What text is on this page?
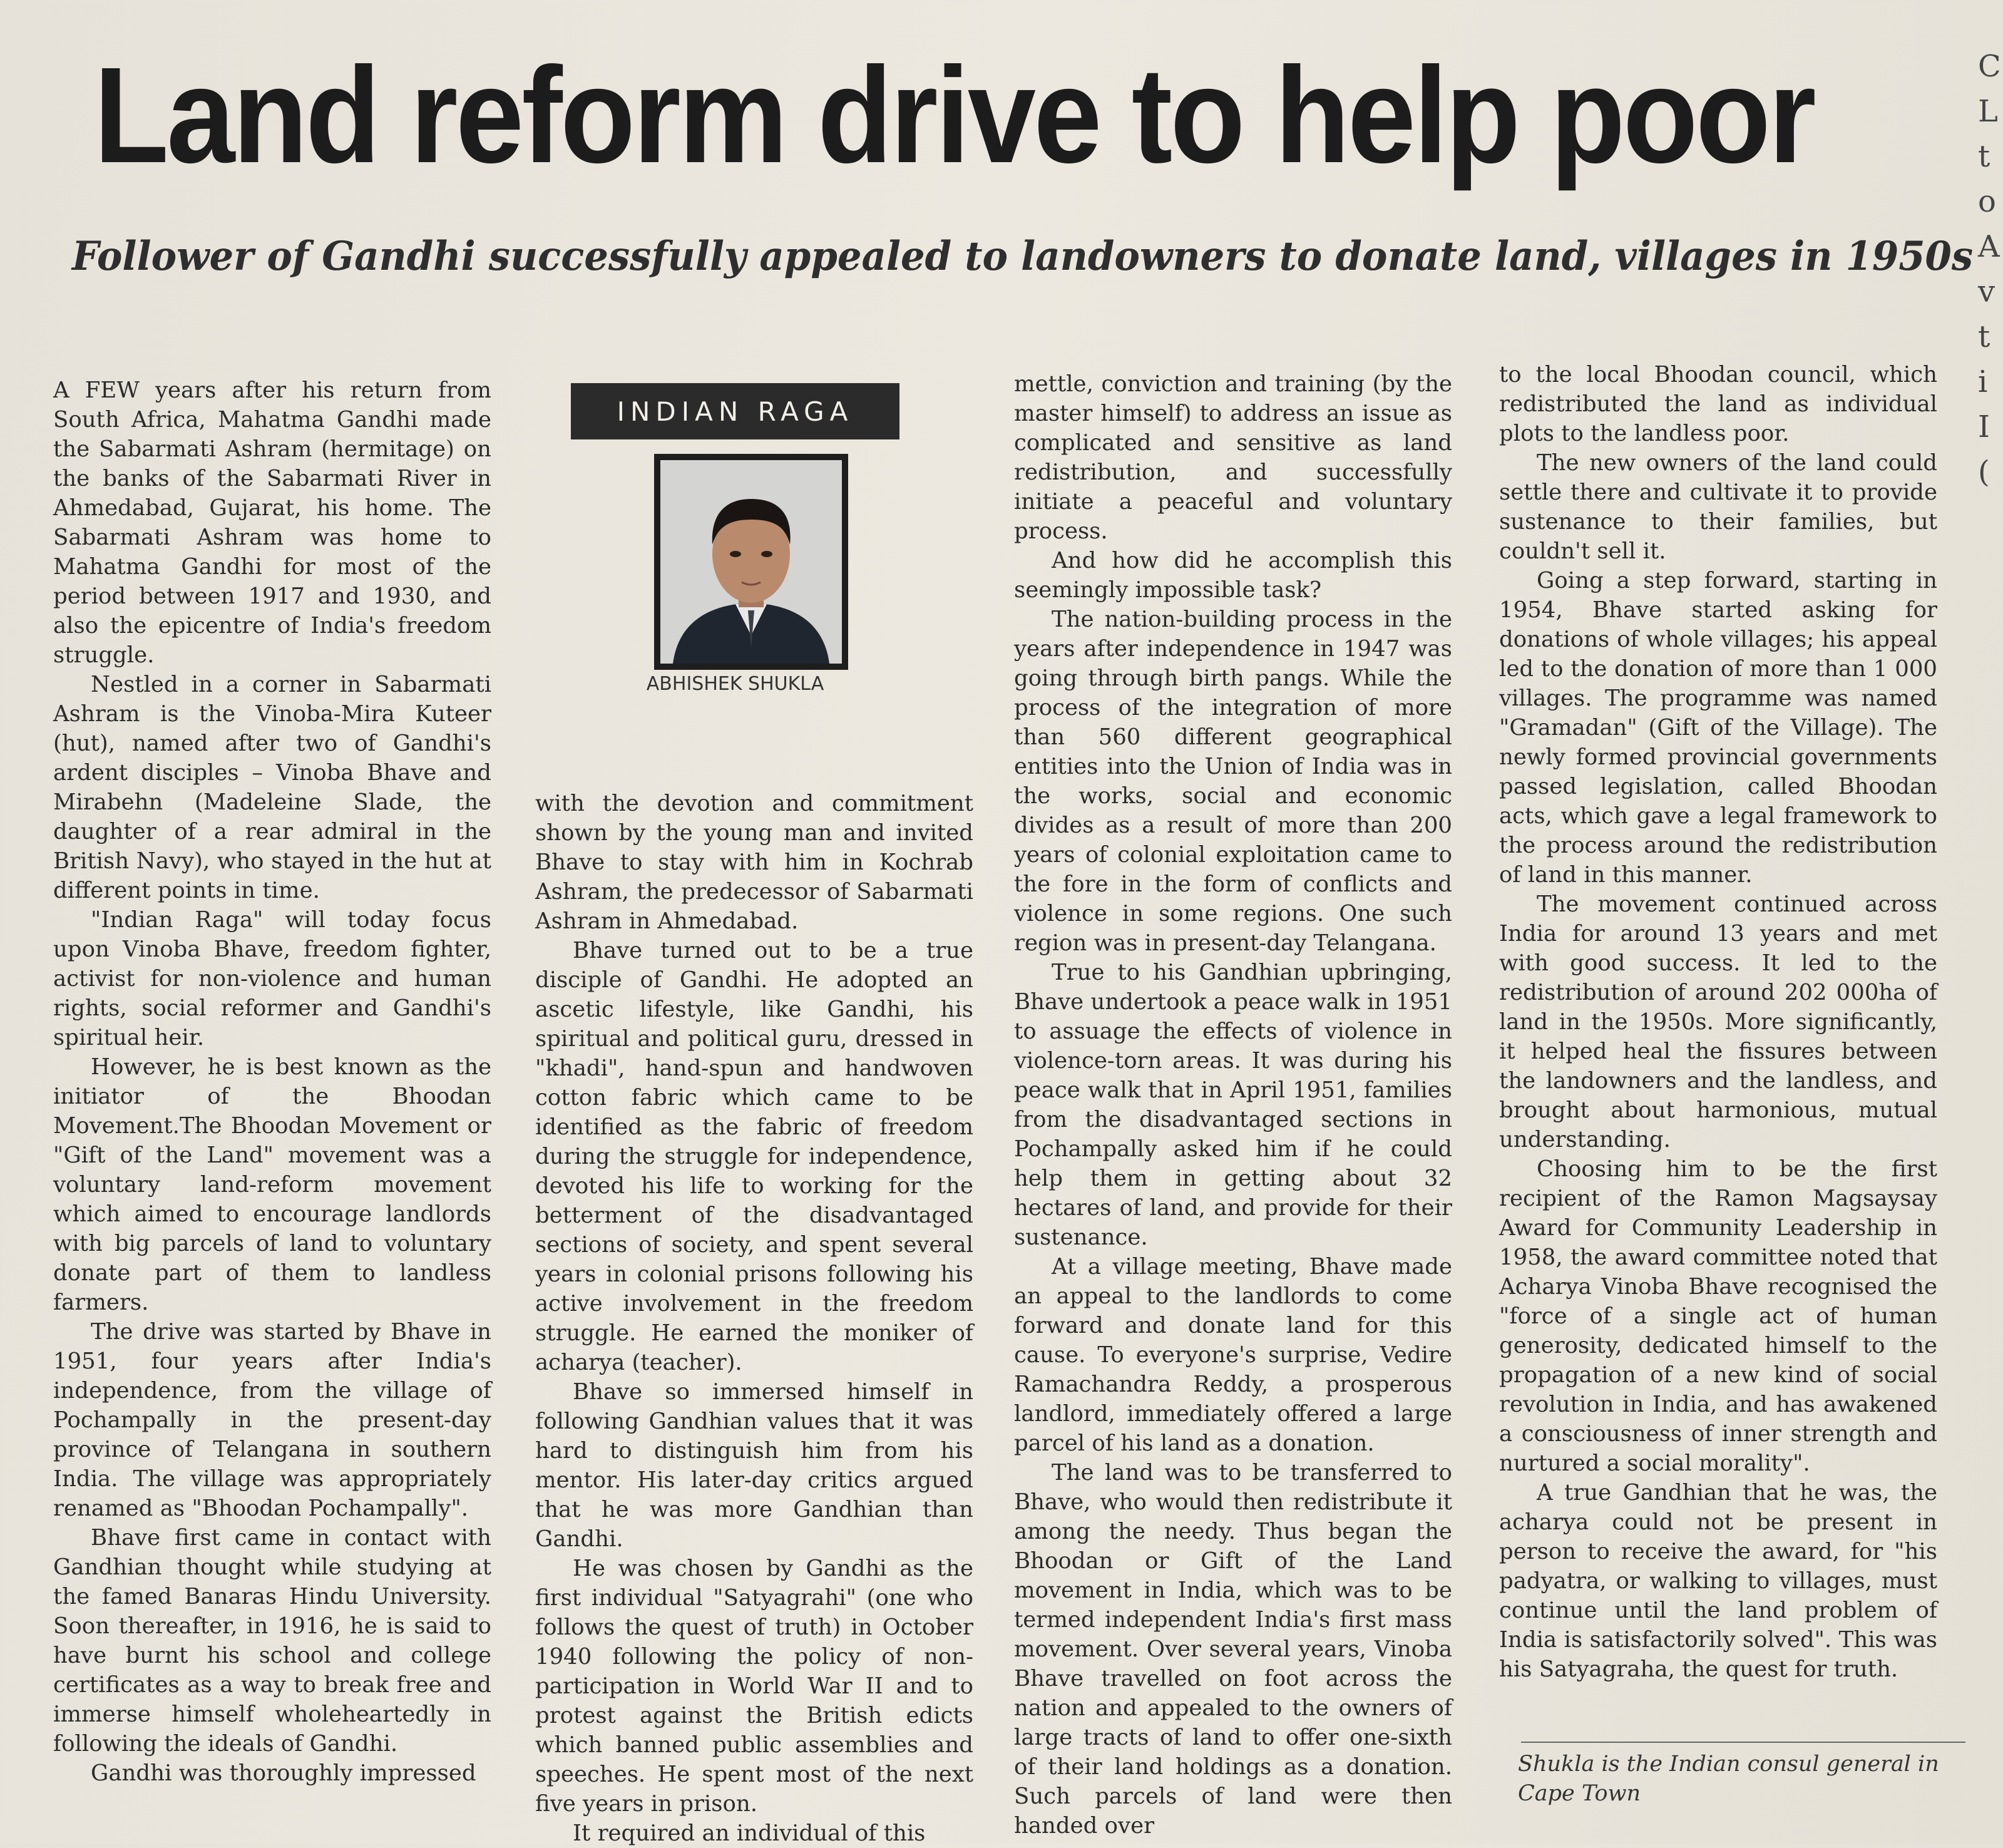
Land reform drive to help poor
Follower of Gandhi successfully appealed to landowners to donate land, villages in 1950s
C
L
t
o
A
v
t
i
I
(

A FEW years after his return from South Africa, Mahatma Gandhi made the Sabarmati Ashram (hermitage) on the banks of the Sabarmati River in Ahmedabad, Gujarat, his home. The Sabarmati Ashram was home to Mahatma Gandhi for most of the period between 1917 and 1930, and also the epicentre of India's freedom struggle.

Nestled in a corner in Sabarmati Ashram is the Vinoba-Mira Kuteer (hut), named after two of Gandhi's ardent disciples – Vinoba Bhave and Mirabehn (Madeleine Slade, the daughter of a rear admiral in the British Navy), who stayed in the hut at different points in time.

"Indian Raga" will today focus upon Vinoba Bhave, freedom fighter, activist for non-violence and human rights, social reformer and Gandhi's spiritual heir.

However, he is best known as the initiator of the Bhoodan Movement.The Bhoodan Movement or "Gift of the Land" movement was a voluntary land-reform movement which aimed to encourage landlords with big parcels of land to voluntary donate part of them to landless farmers.

The drive was started by Bhave in 1951, four years after India's independence, from the village of Pochampally in the present-day province of Telangana in southern India. The village was appropriately renamed as "Bhoodan Pochampally".

Bhave first came in contact with Gandhian thought while studying at the famed Banaras Hindu University. Soon thereafter, in 1916, he is said to have burnt his school and college certificates as a way to break free and immerse himself wholeheartedly in following the ideals of Gandhi.

Gandhi was thoroughly impressed

INDIAN RAGA
ABHISHEK SHUKLA

with the devotion and commitment shown by the young man and invited Bhave to stay with him in Kochrab Ashram, the predecessor of Sabarmati Ashram in Ahmedabad.

Bhave turned out to be a true disciple of Gandhi. He adopted an ascetic lifestyle, like Gandhi, his spiritual and political guru, dressed in "khadi", hand-spun and handwoven cotton fabric which came to be identified as the fabric of freedom during the struggle for independence, devoted his life to working for the betterment of the disadvantaged sections of society, and spent several years in colonial prisons following his active involvement in the freedom struggle. He earned the moniker of acharya (teacher).

Bhave so immersed himself in following Gandhian values that it was hard to distinguish him from his mentor. His later-day critics argued that he was more Gandhian than Gandhi.

He was chosen by Gandhi as the first individual "Satyagrahi" (one who follows the quest of truth) in October 1940 following the policy of non-participation in World War II and to protest against the British edicts which banned public assemblies and speeches. He spent most of the next five years in prison.

It required an individual of this

mettle, conviction and training (by the master himself) to address an issue as complicated and sensitive as land redistribution, and successfully initiate a peaceful and voluntary process.

And how did he accomplish this seemingly impossible task?

The nation-building process in the years after independence in 1947 was going through birth pangs. While the process of the integration of more than 560 different geographical entities into the Union of India was in the works, social and economic divides as a result of more than 200 years of colonial exploitation came to the fore in the form of conflicts and violence in some regions. One such region was in present-day Telangana.

True to his Gandhian upbringing, Bhave undertook a peace walk in 1951 to assuage the effects of violence in violence-torn areas. It was during his peace walk that in April 1951, families from the disadvantaged sections in Pochampally asked him if he could help them in getting about 32 hectares of land, and provide for their sustenance.

At a village meeting, Bhave made an appeal to the landlords to come forward and donate land for this cause. To everyone's surprise, Vedire Ramachandra Reddy, a prosperous landlord, immediately offered a large parcel of his land as a donation.

The land was to be transferred to Bhave, who would then redistribute it among the needy. Thus began the Bhoodan or Gift of the Land movement in India, which was to be termed independent India's first mass movement. Over several years, Vinoba Bhave travelled on foot across the nation and appealed to the owners of large tracts of land to offer one-sixth of their land holdings as a donation. Such parcels of land were then handed over

to the local Bhoodan council, which redistributed the land as individual plots to the landless poor.

The new owners of the land could settle there and cultivate it to provide sustenance to their families, but couldn't sell it.

Going a step forward, starting in 1954, Bhave started asking for donations of whole villages; his appeal led to the donation of more than 1 000 villages. The programme was named "Gramadan" (Gift of the Village). The newly formed provincial governments passed legislation, called Bhoodan acts, which gave a legal framework to the process around the redistribution of land in this manner.

The movement continued across India for around 13 years and met with good success. It led to the redistribution of around 202 000ha of land in the 1950s. More significantly, it helped heal the fissures between the landowners and the landless, and brought about harmonious, mutual understanding.

Choosing him to be the first recipient of the Ramon Magsaysay Award for Community Leadership in 1958, the award committee noted that Acharya Vinoba Bhave recognised the "force of a single act of human generosity, dedicated himself to the propagation of a new kind of social revolution in India, and has awakened a consciousness of inner strength and nurtured a social morality".

A true Gandhian that he was, the acharya could not be present in person to receive the award, for "his padyatra, or walking to villages, must continue until the land problem of India is satisfactorily solved". This was his Satyagraha, the quest for truth.

Shukla is the Indian consul general in
Cape Town
